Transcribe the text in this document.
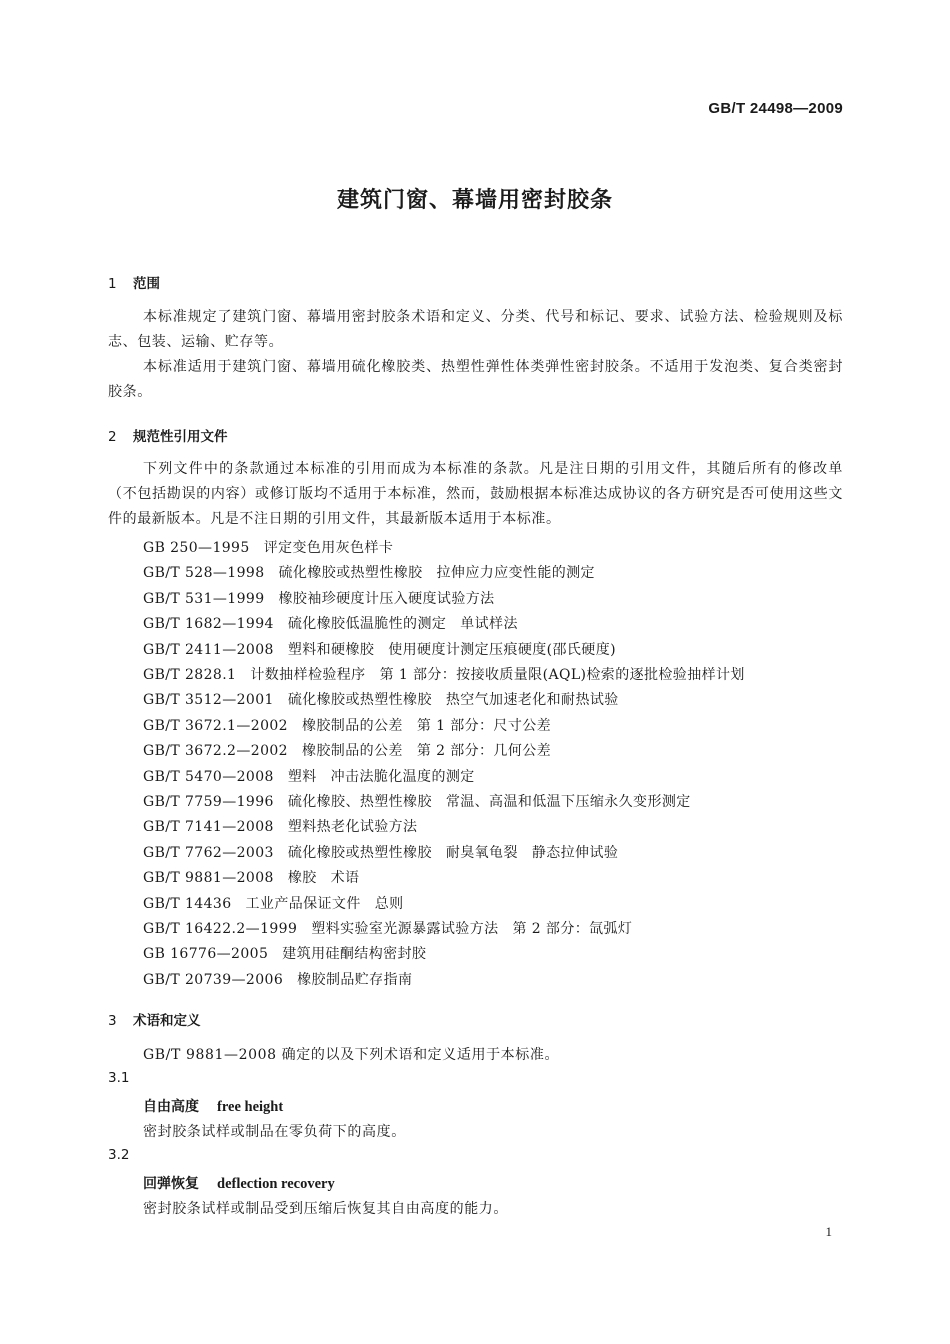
GB/T 24498—2009
建筑门窗、幕墙用密封胶条
1 范围
本标准规定了建筑门窗、幕墙用密封胶条术语和定义、分类、代号和标记、要求、试验方法、检验规则及标志、包装、运输、贮存等。
本标准适用于建筑门窗、幕墙用硫化橡胶类、热塑性弹性体类弹性密封胶条。不适用于发泡类、复合类密封胶条。
2 规范性引用文件
下列文件中的条款通过本标准的引用而成为本标准的条款。凡是注日期的引用文件，其随后所有的修改单（不包括勘误的内容）或修订版均不适用于本标准，然而，鼓励根据本标准达成协议的各方研究是否可使用这些文件的最新版本。凡是不注日期的引用文件，其最新版本适用于本标准。
GB 250—1995 评定变色用灰色样卡
GB/T 528—1998 硫化橡胶或热塑性橡胶 拉伸应力应变性能的测定
GB/T 531—1999 橡胶袖珍硬度计压入硬度试验方法
GB/T 1682—1994 硫化橡胶低温脆性的测定 单试样法
GB/T 2411—2008 塑料和硬橡胶 使用硬度计测定压痕硬度(邵氏硬度)
GB/T 2828.1 计数抽样检验程序 第 1 部分：按接收质量限(AQL)检索的逐批检验抽样计划
GB/T 3512—2001 硫化橡胶或热塑性橡胶 热空气加速老化和耐热试验
GB/T 3672.1—2002 橡胶制品的公差 第 1 部分：尺寸公差
GB/T 3672.2—2002 橡胶制品的公差 第 2 部分：几何公差
GB/T 5470—2008 塑料 冲击法脆化温度的测定
GB/T 7759—1996 硫化橡胶、热塑性橡胶 常温、高温和低温下压缩永久变形测定
GB/T 7141—2008 塑料热老化试验方法
GB/T 7762—2003 硫化橡胶或热塑性橡胶 耐臭氧龟裂 静态拉伸试验
GB/T 9881—2008 橡胶 术语
GB/T 14436 工业产品保证文件 总则
GB/T 16422.2—1999 塑料实验室光源暴露试验方法 第 2 部分：氙弧灯
GB 16776—2005 建筑用硅酮结构密封胶
GB/T 20739—2006 橡胶制品贮存指南
3 术语和定义
GB/T 9881—2008 确定的以及下列术语和定义适用于本标准。
3.1
自由高度 free height
密封胶条试样或制品在零负荷下的高度。
3.2
回弹恢复 deflection recovery
密封胶条试样或制品受到压缩后恢复其自由高度的能力。
1
